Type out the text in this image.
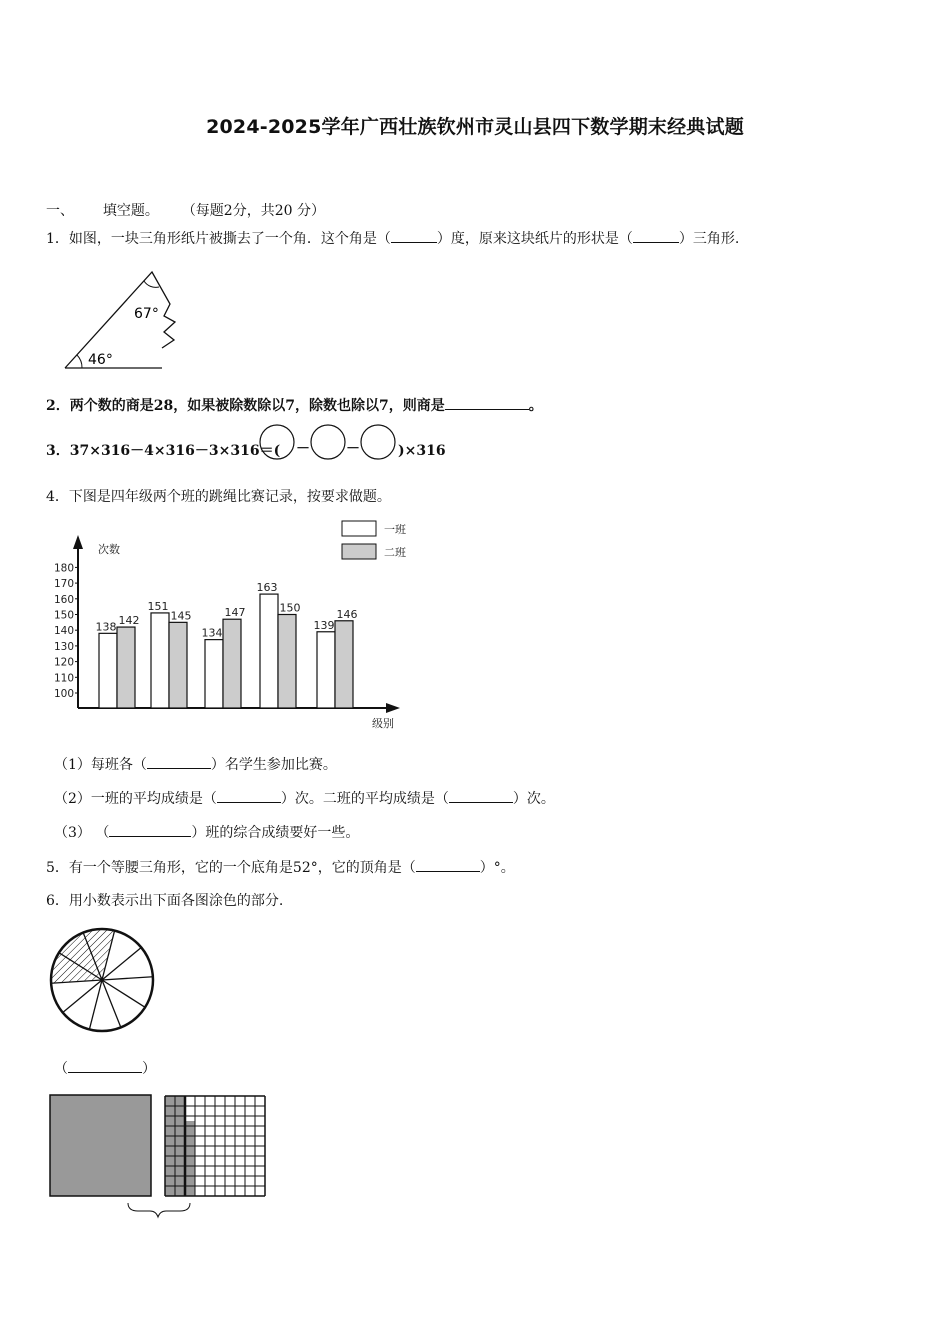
2024-2025学年广西壮族钦州市灵山县四下数学期末经典试题
一、 填空题。 （每题2分，共20 分）
1．如图，一块三角形纸片被撕去了一个角．这个角是（	）度，原来这块纸片的形状是（	）三角形.
67°
46°
2．两个数的商是28，如果被除数除以7，除数也除以7，则商是	。
3．37×316－4×316－3×316＝( －	－	)×316
4．下图是四年级两个班的跳绳比赛记录，按要求做题。
次数
级别
100
110
120
130
140
150
160
170
180
138 142
151
145
134
147
163
150
139
146
一班
二班
（1）每班各（	）名学生参加比赛。
（2）一班的平均成绩是（	）次。二班的平均成绩是（	）次。
（3） （	）班的综合成绩要好一些。
5．有一个等腰三角形，它的一个底角是52°，它的顶角是（	）°。
6．用小数表示出下面各图涂色的部分.
（	）
